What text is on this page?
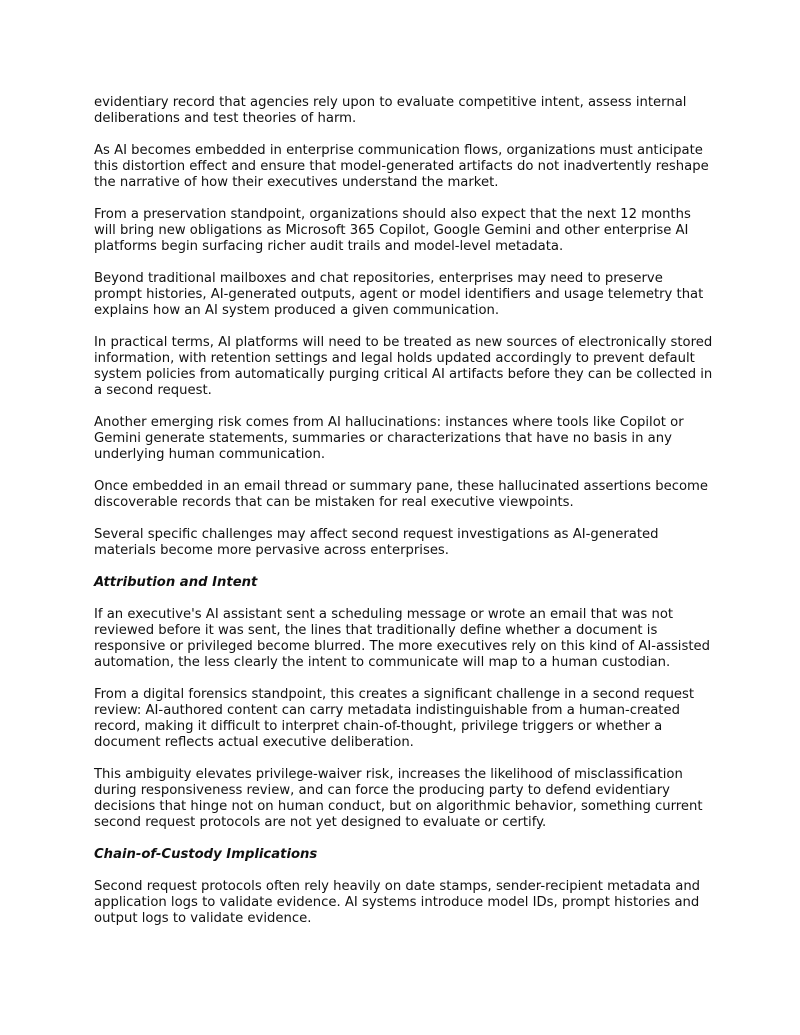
evidentiary record that agencies rely upon to evaluate competitive intent, assess internal deliberations and test theories of harm.

As AI becomes embedded in enterprise communication flows, organizations must anticipate this distortion effect and ensure that model-generated artifacts do not inadvertently reshape the narrative of how their executives understand the market.

From a preservation standpoint, organizations should also expect that the next 12 months will bring new obligations as Microsoft 365 Copilot, Google Gemini and other enterprise AI platforms begin surfacing richer audit trails and model-level metadata.

Beyond traditional mailboxes and chat repositories, enterprises may need to preserve prompt histories, AI-generated outputs, agent or model identifiers and usage telemetry that explains how an AI system produced a given communication.

In practical terms, AI platforms will need to be treated as new sources of electronically stored information, with retention settings and legal holds updated accordingly to prevent default system policies from automatically purging critical AI artifacts before they can be collected in a second request.

Another emerging risk comes from AI hallucinations: instances where tools like Copilot or Gemini generate statements, summaries or characterizations that have no basis in any underlying human communication.

Once embedded in an email thread or summary pane, these hallucinated assertions become discoverable records that can be mistaken for real executive viewpoints.

Several specific challenges may affect second request investigations as AI-generated materials become more pervasive across enterprises.

Attribution and Intent

If an executive's AI assistant sent a scheduling message or wrote an email that was not reviewed before it was sent, the lines that traditionally define whether a document is responsive or privileged become blurred. The more executives rely on this kind of AI-assisted automation, the less clearly the intent to communicate will map to a human custodian.

From a digital forensics standpoint, this creates a significant challenge in a second request review: AI-authored content can carry metadata indistinguishable from a human-created record, making it difficult to interpret chain-of-thought, privilege triggers or whether a document reflects actual executive deliberation.

This ambiguity elevates privilege-waiver risk, increases the likelihood of misclassification during responsiveness review, and can force the producing party to defend evidentiary decisions that hinge not on human conduct, but on algorithmic behavior, something current second request protocols are not yet designed to evaluate or certify.

Chain-of-Custody Implications

Second request protocols often rely heavily on date stamps, sender-recipient metadata and application logs to validate evidence. AI systems introduce model IDs, prompt histories and output logs to validate evidence.
